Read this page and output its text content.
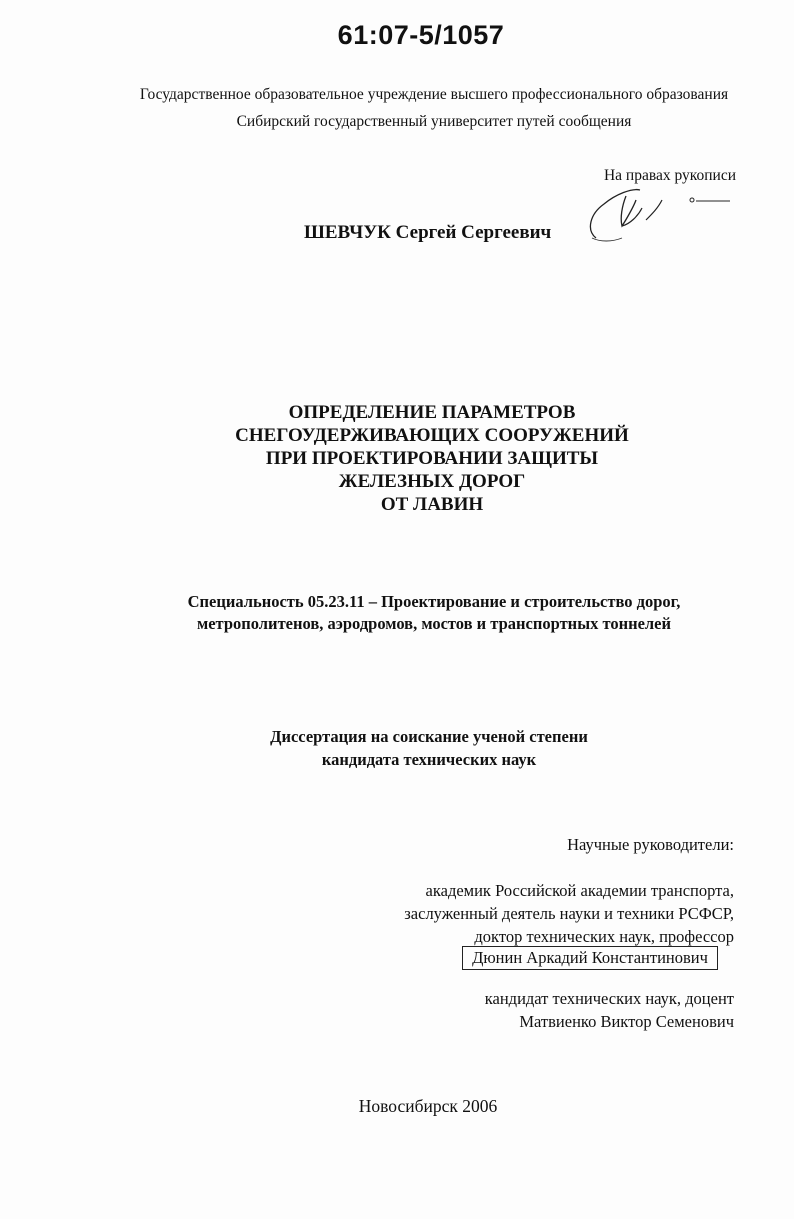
61:07-5/1057
Государственное образовательное учреждение высшего профессионального образования
Сибирский государственный университет путей сообщения
На правах рукописи
ШЕВЧУК Сергей Сергеевич
ОПРЕДЕЛЕНИЕ ПАРАМЕТРОВ
СНЕГОУДЕРЖИВАЮЩИХ СООРУЖЕНИЙ
ПРИ ПРОЕКТИРОВАНИИ ЗАЩИТЫ
ЖЕЛЕЗНЫХ ДОРОГ
ОТ ЛАВИН
Специальность 05.23.11 – Проектирование и строительство дорог,
метрополитенов, аэродромов, мостов и транспортных тоннелей
Диссертация на соискание ученой степени
кандидата технических наук
Научные руководители:
академик Российской академии транспорта,
заслуженный деятель науки и техники РСФСР,
доктор технических наук, профессор
Дюнин Аркадий Константинович
кандидат технических наук, доцент
Матвиенко Виктор Семенович
Новосибирск 2006
